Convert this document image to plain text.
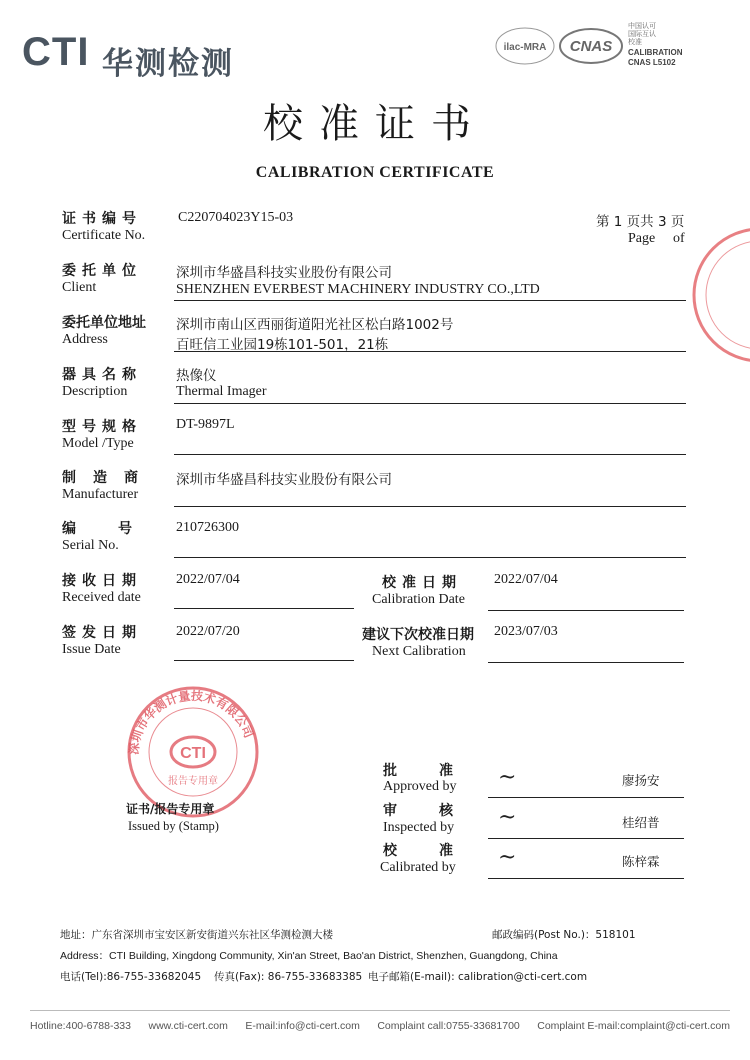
CTI 华测检测	ilac-MRA CNAS
中国认可
国际互认
校准
CALIBRATION
CNAS L5102
校准证书
CALIBRATION CERTIFICATE
证书编号
Certificate No.
C220704023Y15-03	第 1 页共 3 页
Page of
委托单位
Client
深圳市华盛昌科技实业股份有限公司
SHENZHEN EVERBEST MACHINERY INDUSTRY CO.,LTD
委托单位地址
Address
深圳市南山区西丽街道阳光社区松白路1002号
百旺信工业园19栋101-501，21栋
器具名称
Description
热像仪
Thermal Imager
型号规格
Model /Type
DT-9897L
制造商
Manufacturer
深圳市华盛昌科技实业股份有限公司
编号
Serial No.
210726300
接收日期
Received date
2022/07/04	校准日期
Calibration Date
2022/07/04
签发日期
Issue Date
2022/07/20	建议下次校准日期
Next Calibration
2023/07/03
深圳市华测计量技术有限公司
CTI
报告专用章
证书/报告专用章
Issued by (Stamp)
批准
Approved by ~	廖扬安
审核
Inspected by ~	桂绍普
校准
Calibrated by ~	陈梓霖
地址：广东省深圳市宝安区新安街道兴东社区华测检测大楼	邮政编码(Post No.)：518101
Address：CTI Building, Xingdong Community, Xin'an Street, Bao'an District, Shenzhen, Guangdong, China
电话(Tel):86-755-33682045 传真(Fax): 86-755-33683385 电子邮箱(E-mail): calibration@cti-cert.com
Hotline:400-6788-333 www.cti-cert.com E-mail:info@cti-cert.com Complaint call:0755-33681700 Complaint E-mail:complaint@cti-cert.com
